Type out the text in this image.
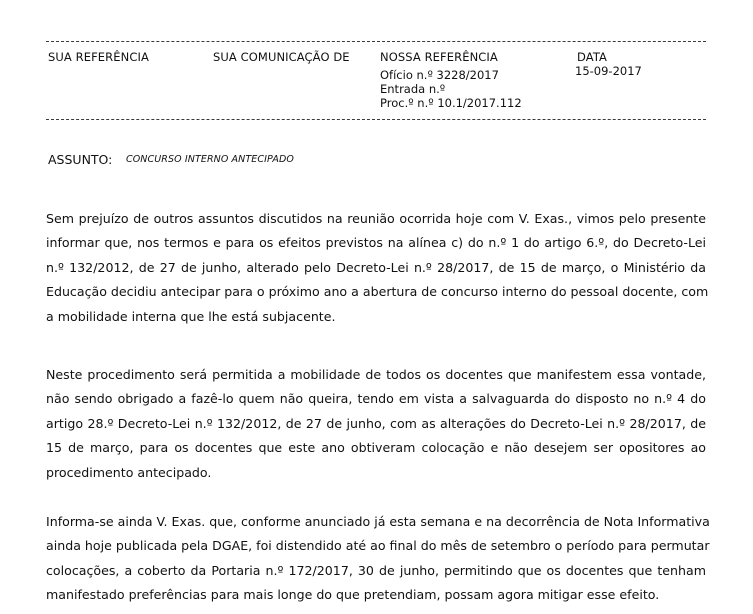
SUA REFERÊNCIA	SUA COMUNICAÇÃO DE	NOSSA REFERÊNCIA
Ofício n.º 3228/2017
Entrada n.º
Proc.º n.º 10.1/2017.112
DATA
15-09-2017
ASSUNTO: CONCURSO INTERNO ANTECIPADO
Sem prejuízo de outros assuntos discutidos na reunião ocorrida hoje com V. Exas., vimos pelo presente
informar que, nos termos e para os efeitos previstos na alínea c) do n.º 1 do artigo 6.º, do Decreto-Lei
n.º 132/2012, de 27 de junho, alterado pelo Decreto-Lei n.º 28/2017, de 15 de março, o Ministério da
Educação decidiu antecipar para o próximo ano a abertura de concurso interno do pessoal docente, com
a mobilidade interna que lhe está subjacente.
Neste procedimento será permitida a mobilidade de todos os docentes que manifestem essa vontade,
não sendo obrigado a fazê-lo quem não queira, tendo em vista a salvaguarda do disposto no n.º 4 do
artigo 28.º Decreto-Lei n.º 132/2012, de 27 de junho, com as alterações do Decreto-Lei n.º 28/2017, de
15 de março, para os docentes que este ano obtiveram colocação e não desejem ser opositores ao
procedimento antecipado.
Informa-se ainda V. Exas. que, conforme anunciado já esta semana e na decorrência de Nota Informativa
ainda hoje publicada pela DGAE, foi distendido até ao final do mês de setembro o período para permutar
colocações, a coberto da Portaria n.º 172/2017, 30 de junho, permitindo que os docentes que tenham
manifestado preferências para mais longe do que pretendiam, possam agora mitigar esse efeito.
